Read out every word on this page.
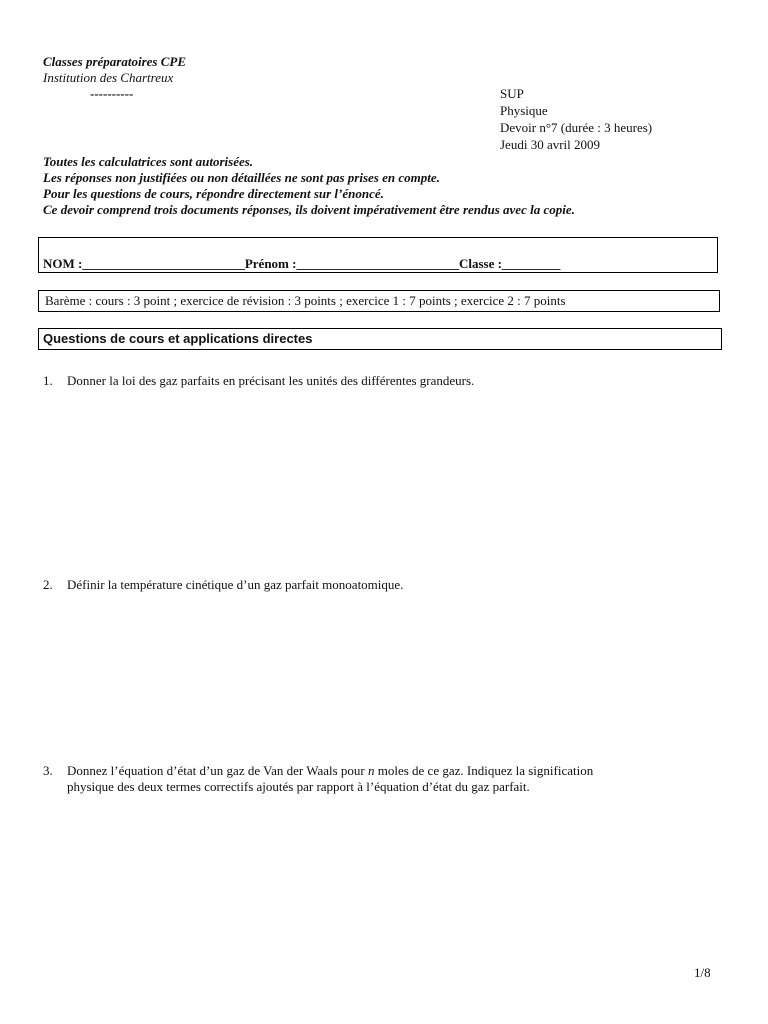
Classes préparatoires CPE
Institution des Chartreux
----------	SUP
Physique
Devoir n°7 (durée : 3 heures)
Jeudi 30 avril 2009
Toutes les calculatrices sont autorisées.
Les réponses non justifiées ou non détaillées ne sont pas prises en compte.
Pour les questions de cours, répondre directement sur l’énoncé.
Ce devoir comprend trois documents réponses, ils doivent impérativement être rendus avec la copie.
NOM :_________________________Prénom :_________________________Classe :_________
Barème : cours : 3 point ; exercice de révision : 3 points ; exercice 1 : 7 points ; exercice 2 : 7 points
Questions de cours et applications directes
1. Donner la loi des gaz parfaits en précisant les unités des différentes grandeurs.
2. Définir la température cinétique d’un gaz parfait monoatomique.
3. Donnez l’équation d’état d’un gaz de Van der Waals pour n moles de ce gaz. Indiquez la signification
physique des deux termes correctifs ajoutés par rapport à l’équation d’état du gaz parfait.
1/8
